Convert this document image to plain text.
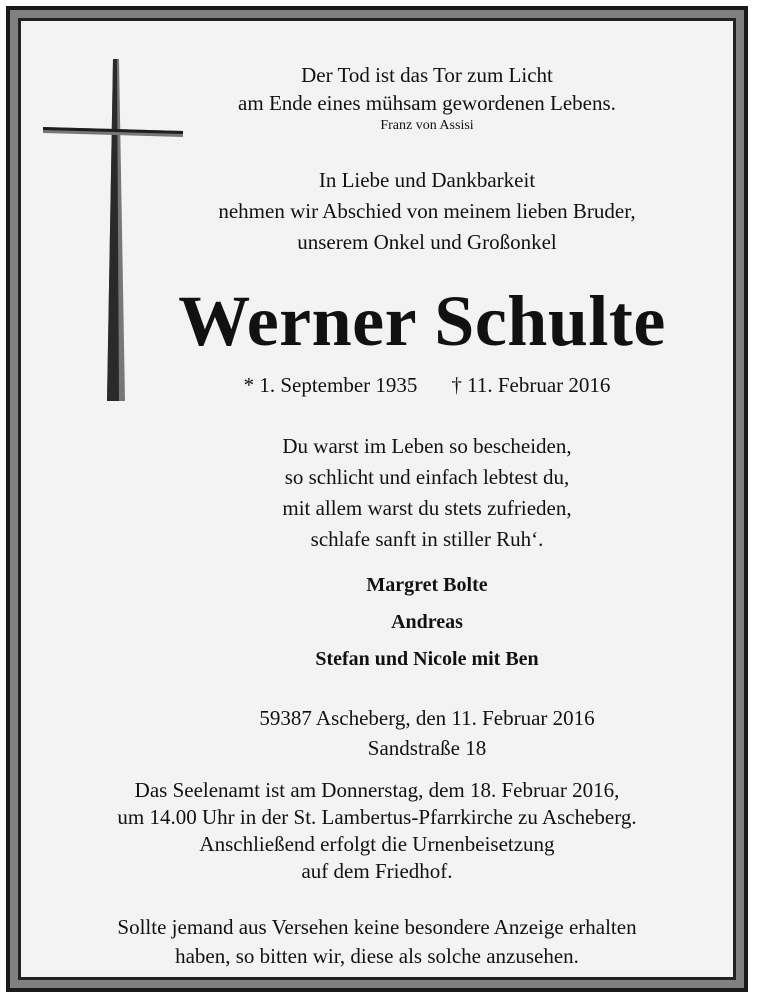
Der Tod ist das Tor zum Licht
am Ende eines mühsam gewordenen Lebens.
Franz von Assisi
In Liebe und Dankbarkeit
nehmen wir Abschied von meinem lieben Bruder,
unserem Onkel und Großonkel
Werner Schulte
* 1. September 1935 † 11. Februar 2016
Du warst im Leben so bescheiden,
so schlicht und einfach lebtest du,
mit allem warst du stets zufrieden,
schlafe sanft in stiller Ruh‘.
Margret Bolte
Andreas
Stefan und Nicole mit Ben
59387 Ascheberg, den 11. Februar 2016
Sandstraße 18
Das Seelenamt ist am Donnerstag, dem 18. Februar 2016,
um 14.00 Uhr in der St. Lambertus-Pfarrkirche zu Ascheberg.
Anschließend erfolgt die Urnenbeisetzung
auf dem Friedhof.
Sollte jemand aus Versehen keine besondere Anzeige erhalten
haben, so bitten wir, diese als solche anzusehen.
